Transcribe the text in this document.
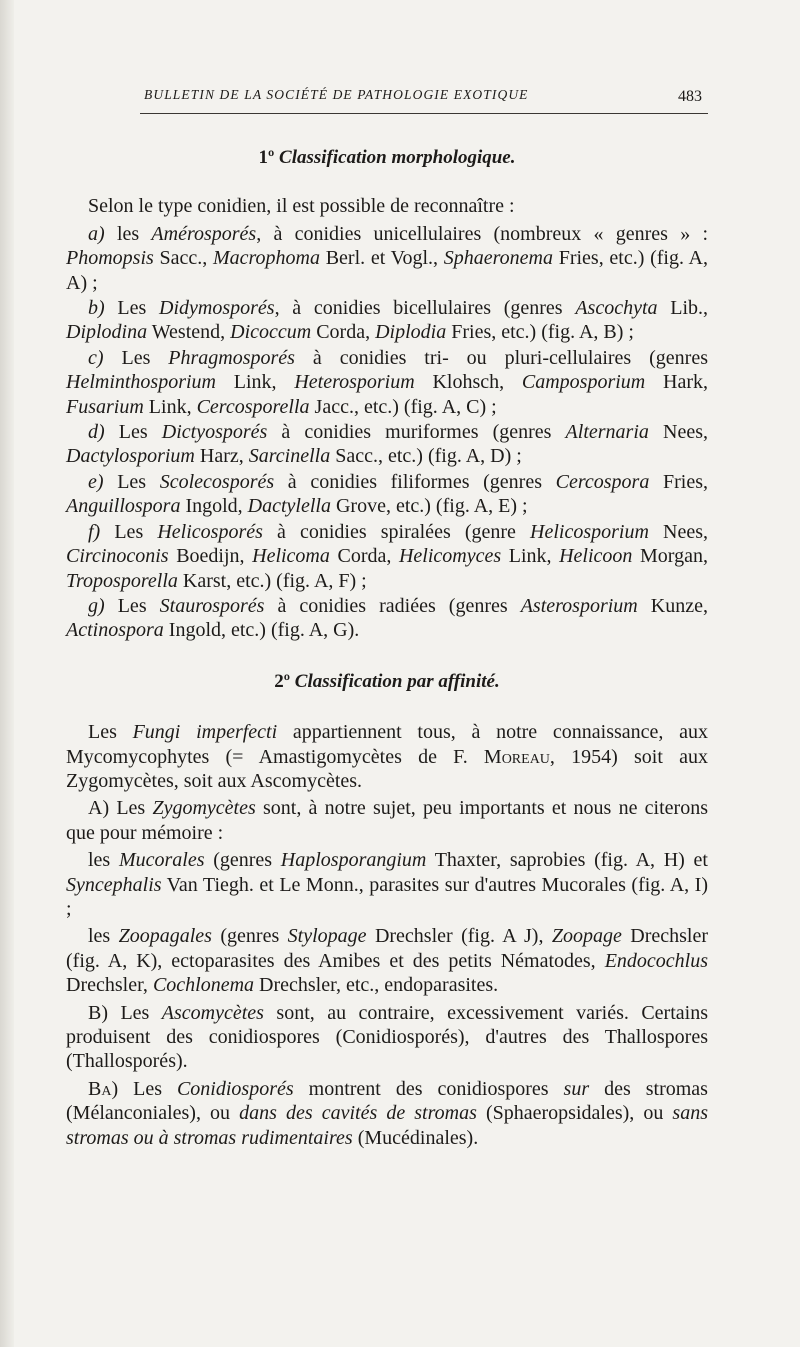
BULLETIN DE LA SOCIÉTÉ DE PATHOLOGIE EXOTIQUE	483
1º Classification morphologique.

Selon le type conidien, il est possible de reconnaître :

a) les Amérosporés, à conidies unicellulaires (nombreux « genres » : Phomopsis Sacc., Macrophoma Berl. et Vogl., Sphaeronema Fries, etc.) (fig. A, A) ;

b) Les Didymosporés, à conidies bicellulaires (genres Ascochyta Lib., Diplodina Westend, Dicoccum Corda, Diplodia Fries, etc.) (fig. A, B) ;

c) Les Phragmosporés à conidies tri- ou pluri-cellulaires (genres Helminthosporium Link, Heterosporium Klohsch, Camposporium Hark, Fusarium Link, Cercosporella Jacc., etc.) (fig. A, C) ;

d) Les Dictyosporés à conidies muriformes (genres Alternaria Nees, Dactylosporium Harz, Sarcinella Sacc., etc.) (fig. A, D) ;

e) Les Scolecosporés à conidies filiformes (genres Cercospora Fries, Anguillospora Ingold, Dactylella Grove, etc.) (fig. A, E) ;

f) Les Helicosporés à conidies spiralées (genre Helicosporium Nees, Circinoconis Boedijn, Helicoma Corda, Helicomyces Link, Helicoon Morgan, Troposporella Karst, etc.) (fig. A, F) ;

g) Les Staurosporés à conidies radiées (genres Asterosporium Kunze, Actinospora Ingold, etc.) (fig. A, G).

2º Classification par affinité.

Les Fungi imperfecti appartiennent tous, à notre connaissance, aux Mycomycophytes (= Amastigomycètes de F. Moreau, 1954) soit aux Zygomycètes, soit aux Ascomycètes.

A) Les Zygomycètes sont, à notre sujet, peu importants et nous ne citerons que pour mémoire :

les Mucorales (genres Haplosporangium Thaxter, saprobies (fig. A, H) et Syncephalis Van Tiegh. et Le Monn., parasites sur d'autres Mucorales (fig. A, I) ;

les Zoopagales (genres Stylopage Drechsler (fig. A J), Zoopage Drechsler (fig. A, K), ectoparasites des Amibes et des petits Nématodes, Endocochlus Drechsler, Cochlonema Drechsler, etc., endoparasites.

B) Les Ascomycètes sont, au contraire, excessivement variés. Certains produisent des conidiospores (Conidiosporés), d'autres des Thallospores (Thallosporés).

Ba) Les Conidiosporés montrent des conidiospores sur des stromas (Mélanconiales), ou dans des cavités de stromas (Sphaeropsidales), ou sans stromas ou à stromas rudimentaires (Mucédinales).
